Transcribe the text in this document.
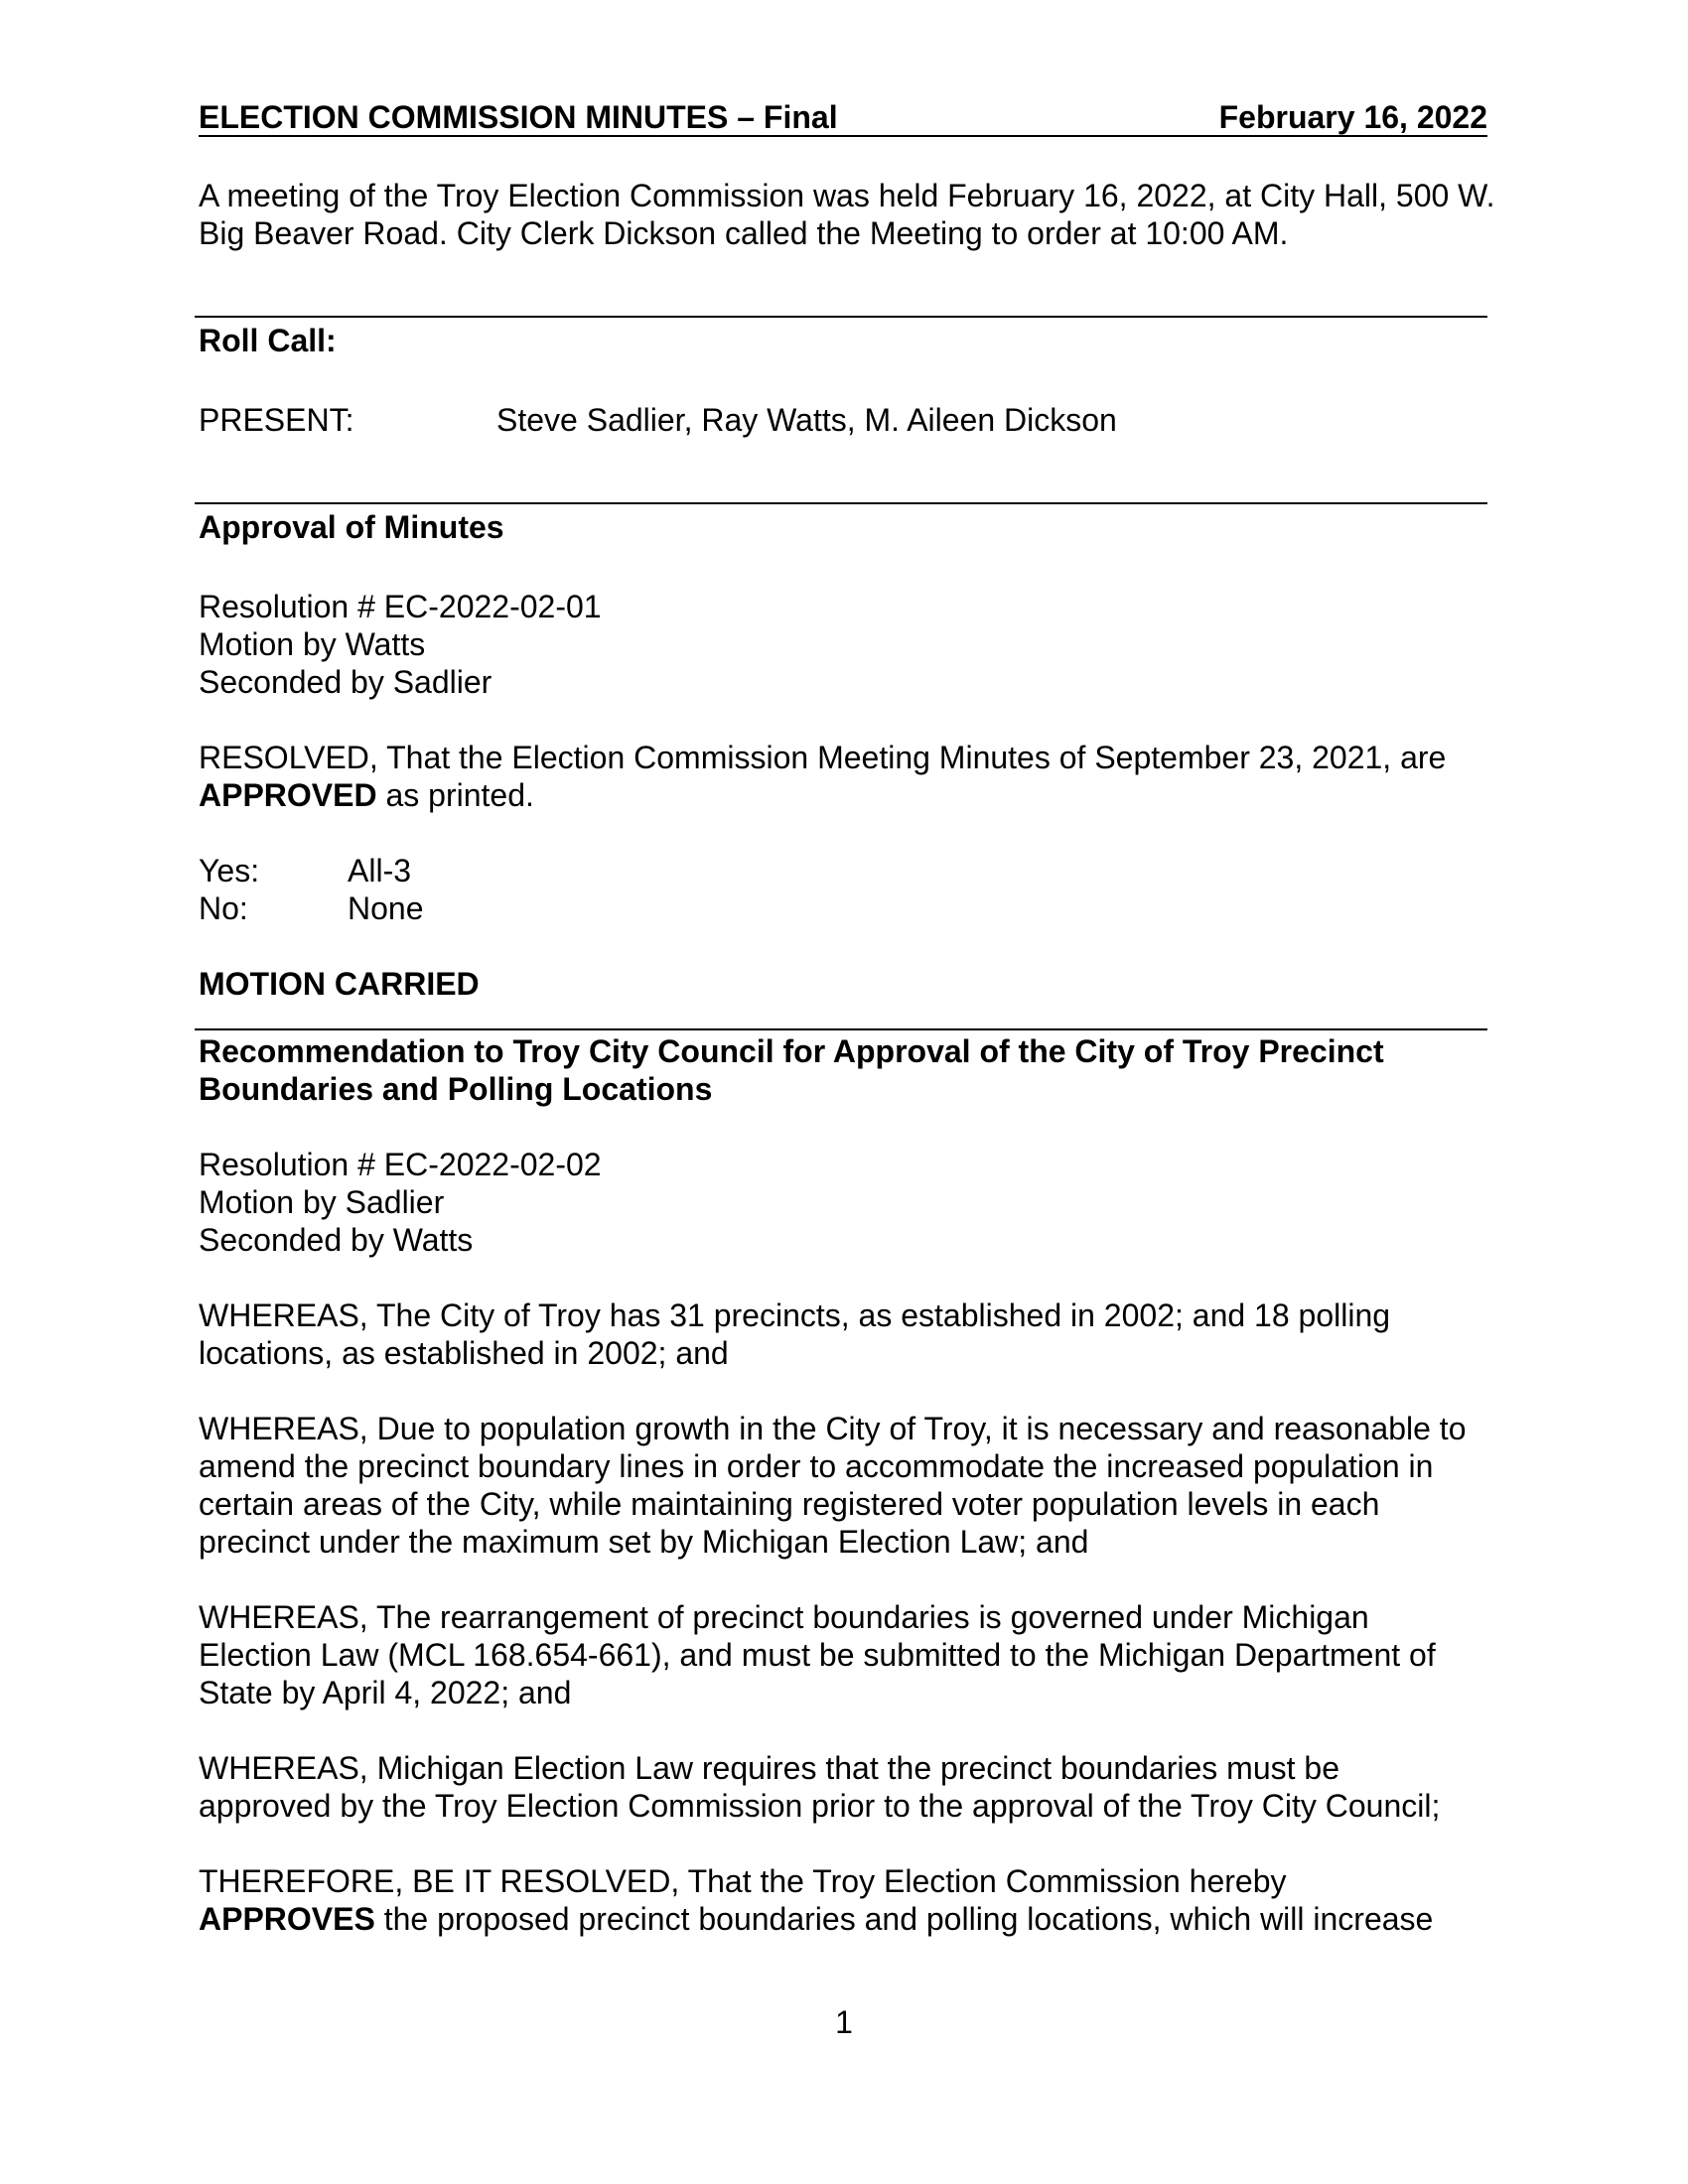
ELECTION COMMISSION MINUTES – Final	February 16, 2022

A meeting of the Troy Election Commission was held February 16, 2022, at City Hall, 500 W. Big Beaver Road. City Clerk Dickson called the Meeting to order at 10:00 AM.

Roll Call:

PRESENT:	Steve Sadlier, Ray Watts, M. Aileen Dickson

Approval of Minutes

Resolution # EC-2022-02-01

Motion by Watts

Seconded by Sadlier

RESOLVED, That the Election Commission Meeting Minutes of September 23, 2021, are
APPROVED as printed.

Yes:	All-3
No:	None

MOTION CARRIED

Recommendation to Troy City Council for Approval of the City of Troy Precinct
Boundaries and Polling Locations

Resolution # EC-2022-02-02

Motion by Sadlier

Seconded by Watts

WHEREAS, The City of Troy has 31 precincts, as established in 2002; and 18 polling locations, as established in 2002; and

WHEREAS, Due to population growth in the City of Troy, it is necessary and reasonable to amend the precinct boundary lines in order to accommodate the increased population in certain areas of the City, while maintaining registered voter population levels in each precinct under the maximum set by Michigan Election Law; and

WHEREAS, The rearrangement of precinct boundaries is governed under Michigan Election Law (MCL 168.654-661), and must be submitted to the Michigan Department of State by April 4, 2022; and

WHEREAS, Michigan Election Law requires that the precinct boundaries must be approved by the Troy Election Commission prior to the approval of the Troy City Council;

THEREFORE, BE IT RESOLVED, That the Troy Election Commission hereby
APPROVES the proposed precinct boundaries and polling locations, which will increase

1
